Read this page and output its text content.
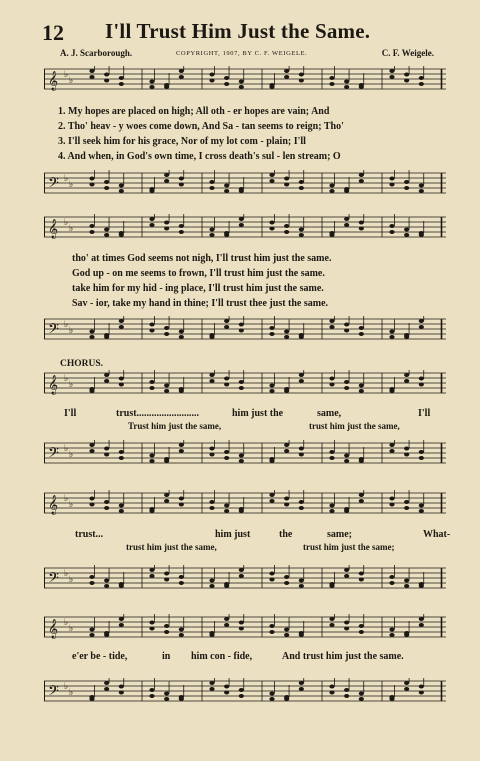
12 I'll Trust Him Just the Same.
A. J. Scarborough.	COPYRIGHT, 1907, BY C. F. WEIGELE.	C. F. Weigele.
𝄞 ♭
♭
1. My hopes are placed on high; All oth - er hopes are vain; And
2. Tho' heav - y woes come down, And Sa - tan seems to reign; Tho'
3. I'll seek him for his grace, Nor of my lot com - plain; I'll
4. And when, in God's own time, I cross death's sul - len stream; O
𝄢 ♭
♭
𝄞 ♭
♭
tho' at times God seems not nigh, I'll trust him just the same.
God up - on me seems to frown, I'll trust him just the same.
take him for my hid - ing place, I'll trust him just the same.
Sav - ior, take my hand in thine; I'll trust thee just the same.
𝄢 ♭
♭
CHORUS.
𝄞 ♭
♭
I'll	trust.........................	him just the	same,	I'll
Trust him just the same,	trust him just the same,
𝄢 ♭
♭
𝄞 ♭
♭
trust...	him just	the	same;	What-
trust him just the same,	trust him just the same;
𝄢 ♭
♭
𝄞 ♭
♭
e'er be - tide,	in him con - fide,	And trust him just the same.
𝄢 ♭
♭
